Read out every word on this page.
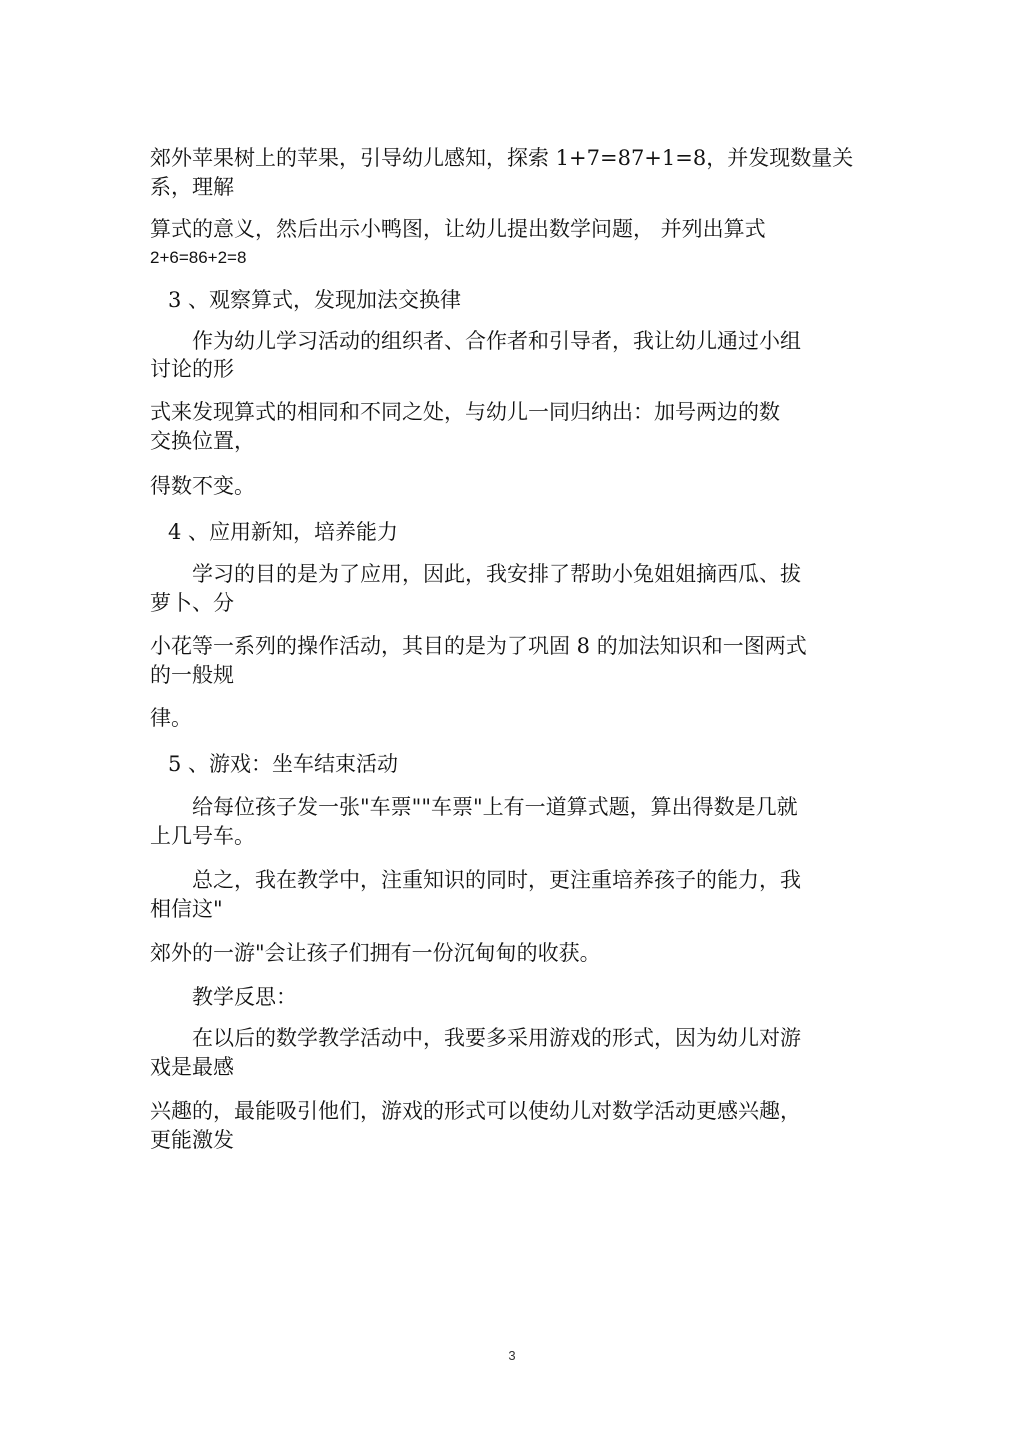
郊外苹果树上的苹果，引导幼儿感知，探索 1+7=87+1=8，并发现数量关
系，理解
算式的意义，然后出示小鸭图，让幼儿提出数学问题， 并列出算式
2+6=86+2=8
3 、观察算式，发现加法交换律
作为幼儿学习活动的组织者、合作者和引导者，我让幼儿通过小组
讨论的形
式来发现算式的相同和不同之处，与幼儿一同归纳出：加号两边的数
交换位置，
得数不变。
4 、应用新知，培养能力
学习的目的是为了应用，因此，我安排了帮助小兔姐姐摘西瓜、拔
萝卜、分
小花等一系列的操作活动，其目的是为了巩固 8 的加法知识和一图两式
的一般规
律。
5 、游戏：坐车结束活动
给每位孩子发一张"车票""车票"上有一道算式题，算出得数是几就
上几号车。
总之，我在教学中，注重知识的同时，更注重培养孩子的能力，我
相信这"
郊外的一游"会让孩子们拥有一份沉甸甸的收获。
教学反思：
在以后的数学教学活动中，我要多采用游戏的形式，因为幼儿对游
戏是最感
兴趣的，最能吸引他们，游戏的形式可以使幼儿对数学活动更感兴趣，
更能激发
3
